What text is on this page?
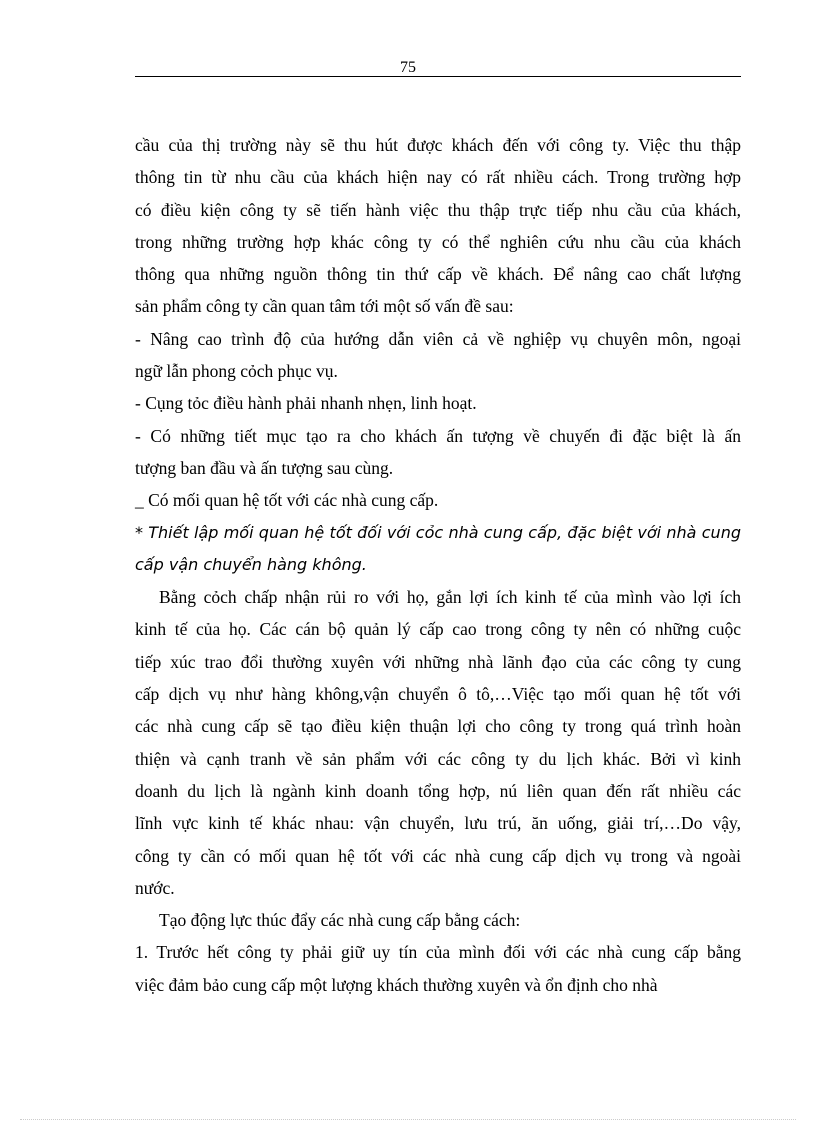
75
cầu của thị trường này sẽ thu hút được khách đến với công ty. Việc thu thập
thông tin từ nhu cầu của khách hiện nay có rất nhiều cách. Trong trường hợp
có điều kiện công ty sẽ tiến hành việc thu thập trực tiếp nhu cầu của khách,
trong những trường hợp khác công ty có thể nghiên cứu nhu cầu của khách
thông qua những nguồn thông tin thứ cấp về khách. Để nâng cao chất lượng
sản phẩm công ty cần quan tâm tới một số vấn đề sau:
- Nâng cao trình độ của hướng dẫn viên cả về nghiệp vụ chuyên môn, ngoại
ngữ lẫn phong cỏch phục vụ.
- Cụng tỏc điều hành phải nhanh nhẹn, linh hoạt.
- Có những tiết mục tạo ra cho khách ấn tượng về chuyến đi đặc biệt là ấn
tượng ban đầu và ấn tượng sau cùng.
_ Có mối quan hệ tốt với các nhà cung cấp.
* Thiết lập mối quan hệ tốt đối với cỏc nhà cung cấp, đặc biệt với nhà cung
cấp vận chuyển hàng không.
Bằng cỏch chấp nhận rủi ro với họ, gắn lợi ích kinh tế của mình vào lợi ích
kinh tế của họ. Các cán bộ quản lý cấp cao trong công ty nên có những cuộc
tiếp xúc trao đổi thường xuyên với những nhà lãnh đạo của các công ty cung
cấp dịch vụ như hàng không,vận chuyển ô tô,…Việc tạo mối quan hệ tốt với
các nhà cung cấp sẽ tạo điều kiện thuận lợi cho công ty trong quá trình hoàn
thiện và cạnh tranh về sản phẩm với các công ty du lịch khác. Bởi vì kinh
doanh du lịch là ngành kinh doanh tổng hợp, nú liên quan đến rất nhiều các
lĩnh vực kinh tế khác nhau: vận chuyển, lưu trú, ăn uống, giải trí,…Do vậy,
công ty cần có mối quan hệ tốt với các nhà cung cấp dịch vụ trong và ngoài
nước.
Tạo động lực thúc đẩy các nhà cung cấp bằng cách:
1. Trước hết công ty phải giữ uy tín của mình đối với các nhà cung cấp bằng
việc đảm bảo cung cấp một lượng khách thường xuyên và ổn định cho nhà
